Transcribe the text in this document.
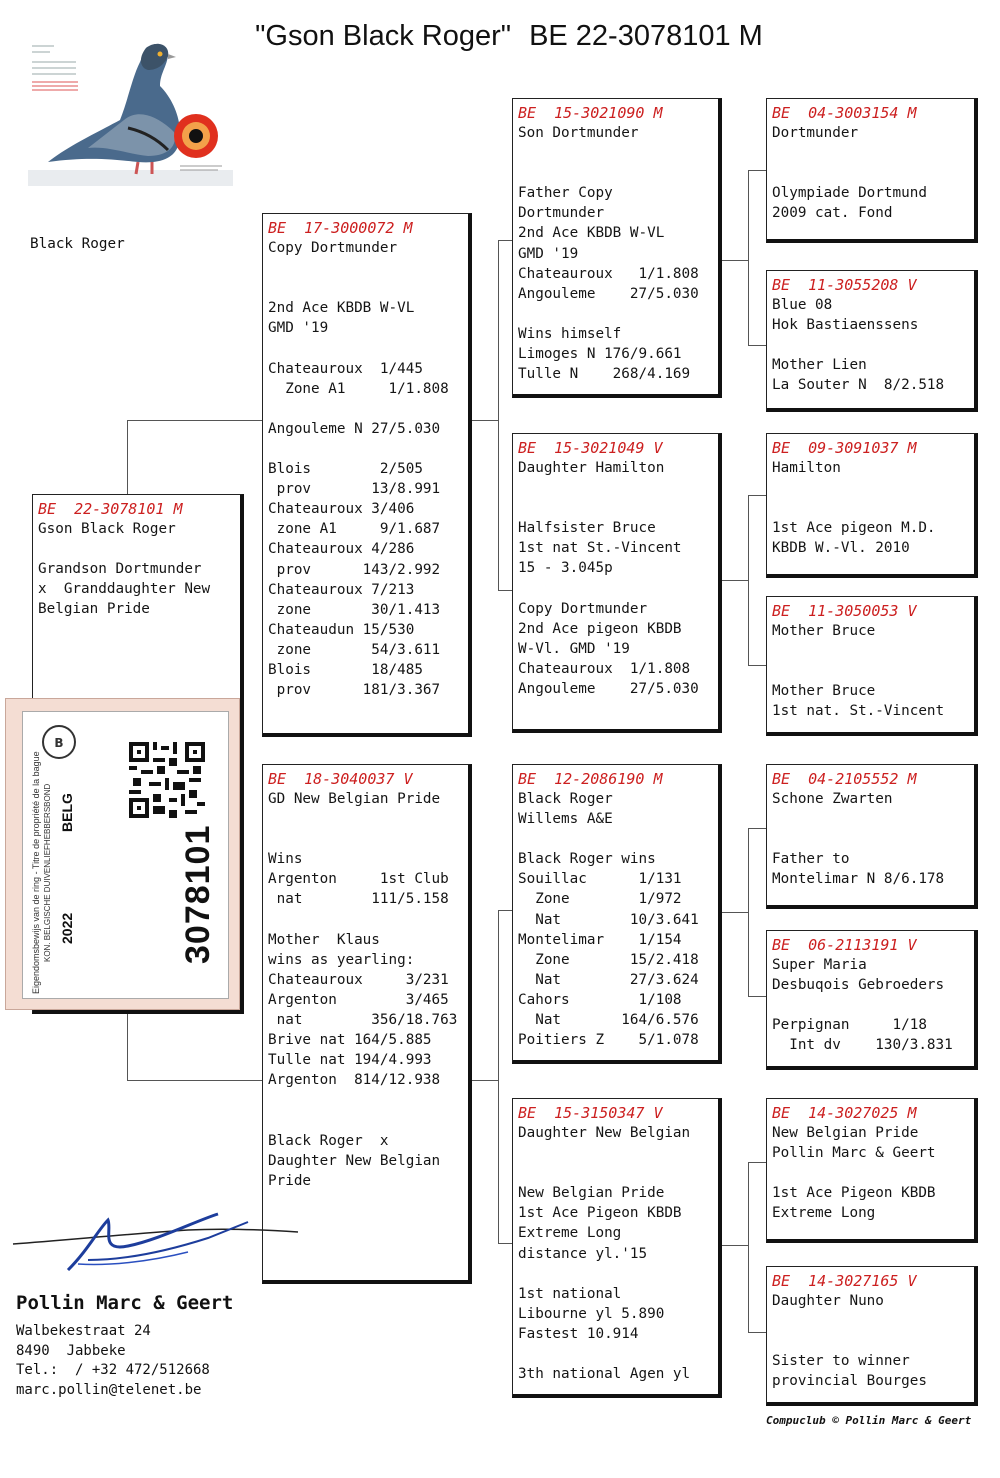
"Gson Black Roger" BE 22-3078101 M
Black Roger
BE  22-3078101 M
Gson Black Roger

Grandson Dortmunder
x  Granddaughter New
Belgian Pride
BE  17-3000072 M
Copy Dortmunder

2nd Ace KBDB W-VL
GMD '19

Chateauroux  1/445
Zone A1     1/1.808

Angouleme N 27/5.030

Blois        2/505
prov       13/8.991
Chateauroux 3/406
zone A1     9/1.687
Chateauroux 4/286
prov      143/2.992
Chateauroux 7/213
zone       30/1.413
Chateaudun 15/530
zone       54/3.611
Blois       18/485
prov      181/3.367
BE  18-3040037 V
GD New Belgian Pride

Wins
Argenton     1st Club
nat        111/5.158

Mother  Klaus
wins as yearling:
Chateauroux     3/231
Argenton        3/465
nat        356/18.763
Brive nat 164/5.885
Tulle nat 194/4.993
Argenton  814/12.938

Black Roger  x
Daughter New Belgian
Pride
BE  15-3021090 M
Son Dortmunder

Father Copy
Dortmunder
2nd Ace KBDB W-VL
GMD '19
Chateauroux   1/1.808
Angouleme    27/5.030

Wins himself
Limoges N 176/9.661
Tulle N    268/4.169
BE  15-3021049 V
Daughter Hamilton

Halfsister Bruce
1st nat St.-Vincent
15 - 3.045p

Copy Dortmunder
2nd Ace pigeon KBDB
W-Vl. GMD '19
Chateauroux  1/1.808
Angouleme    27/5.030
BE  12-2086190 M
Black Roger
Willems A&E

Black Roger wins
Souillac      1/131
Zone        1/972
Nat        10/3.641
Montelimar    1/154
Zone       15/2.418
Nat        27/3.624
Cahors        1/108
Nat       164/6.576
Poitiers Z    5/1.078
BE  15-3150347 V
Daughter New Belgian

New Belgian Pride
1st Ace Pigeon KBDB
Extreme Long
distance yl.'15

1st national
Libourne yl 5.890
Fastest 10.914

3th national Agen yl
BE  04-3003154 M
Dortmunder

Olympiade Dortmund
2009 cat. Fond
BE  11-3055208 V
Blue 08
Hok Bastiaenssens

Mother Lien
La Souter N  8/2.518
BE  09-3091037 M
Hamilton

1st Ace pigeon M.D.
KBDB W.-Vl. 2010
BE  11-3050053 V
Mother Bruce

Mother Bruce
1st nat. St.-Vincent
BE  04-2105552 M
Schone Zwarten

Father to
Montelimar N 8/6.178
BE  06-2113191 V
Super Maria
Desbuqois Gebroeders

Perpignan     1/18
Int dv    130/3.831
BE  14-3027025 M
New Belgian Pride
Pollin Marc & Geert

1st Ace Pigeon KBDB
Extreme Long
BE  14-3027165 V
Daughter Nuno

Sister to winner
provincial Bourges
Eigendomsbewijs van de ring - Titre de propriété de la bague KON. BELGISCHE DUIVENLIEFHEBBERSBOND 2022
BELG
B
3078101
Pollin Marc & Geert
Walbekestraat 24
8490  Jabbeke
Tel.:  / +32 472/512668
marc.pollin@telenet.be
Compuclub © Pollin Marc & Geert
